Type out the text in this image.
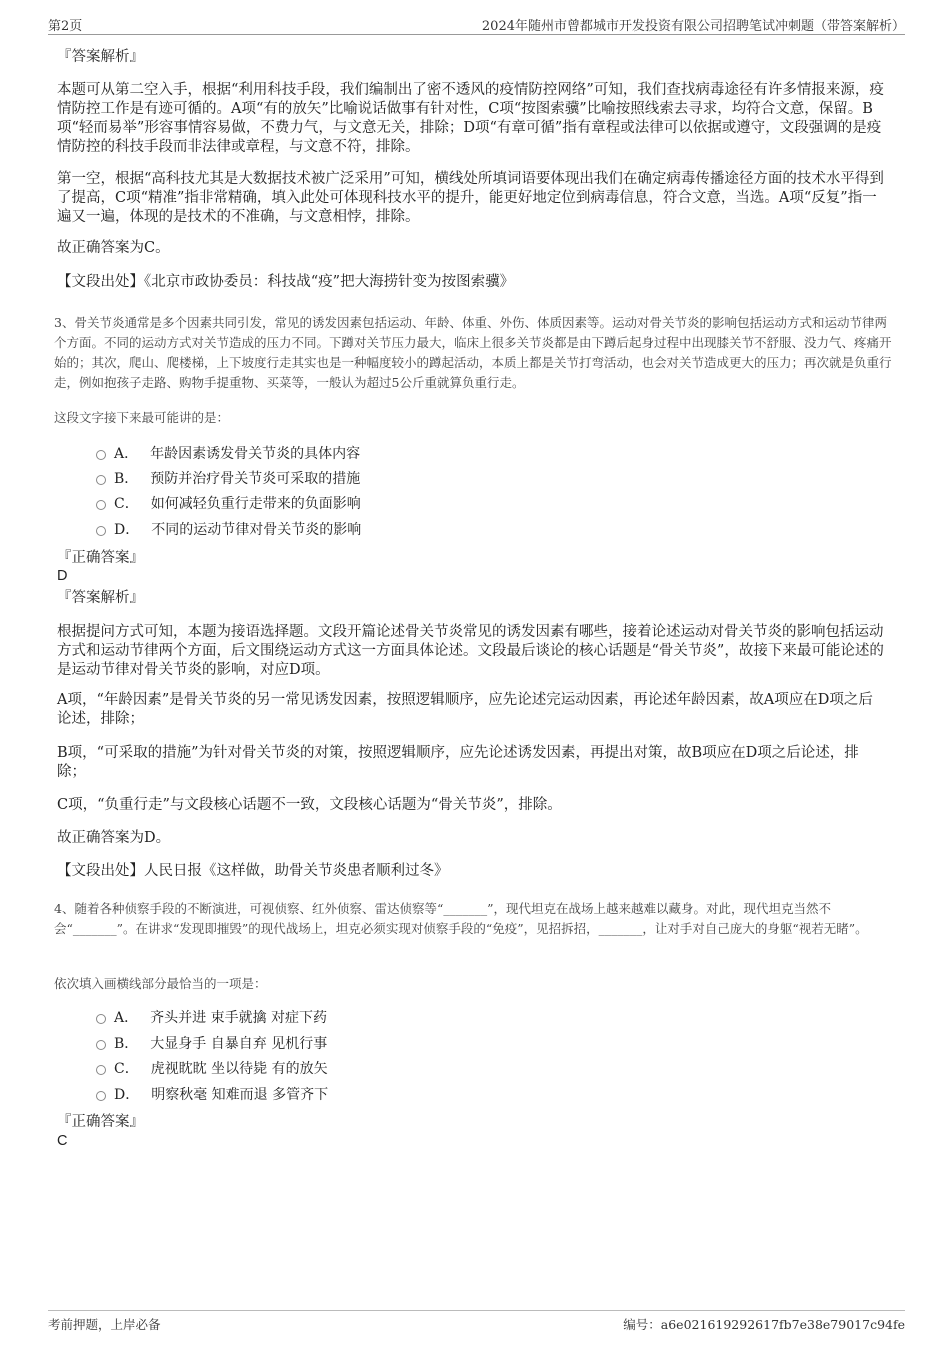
第2页	2024年随州市曾都城市开发投资有限公司招聘笔试冲刺题（带答案解析）
『答案解析』

本题可从第二空入手，根据“利用科技手段，我们编制出了密不透风的疫情防控网络”可知，我们查找病毒途径有许多情报来源，疫情防控工作是有迹可循的。A项“有的放矢”比喻说话做事有针对性，C项“按图索骥”比喻按照线索去寻求，均符合文意，保留。B项“轻而易举”形容事情容易做，不费力气，与文意无关，排除；D项“有章可循”指有章程或法律可以依据或遵守，文段强调的是疫情防控的科技手段而非法律或章程，与文意不符，排除。

第一空，根据“高科技尤其是大数据技术被广泛采用”可知，横线处所填词语要体现出我们在确定病毒传播途径方面的技术水平得到了提高，C项“精准”指非常精确，填入此处可体现科技水平的提升，能更好地定位到病毒信息，符合文意，当选。A项“反复”指一遍又一遍，体现的是技术的不准确，与文意相悖，排除。

故正确答案为C。

【文段出处】《北京市政协委员：科技战“疫”把大海捞针变为按图索骥》

3、骨关节炎通常是多个因素共同引发，常见的诱发因素包括运动、年龄、体重、外伤、体质因素等。运动对骨关节炎的影响包括运动方式和运动节律两个方面。不同的运动方式对关节造成的压力不同。下蹲对关节压力最大，临床上很多关节炎都是由下蹲后起身过程中出现膝关节不舒服、没力气、疼痛开始的；其次，爬山、爬楼梯，上下坡度行走其实也是一种幅度较小的蹲起活动，本质上都是关节打弯活动，也会对关节造成更大的压力；再次就是负重行走，例如抱孩子走路、购物手提重物、买菜等，一般认为超过5公斤重就算负重行走。

这段文字接下来最可能讲的是：
A． 年龄因素诱发骨关节炎的具体内容
B． 预防并治疗骨关节炎可采取的措施
C． 如何减轻负重行走带来的负面影响
D． 不同的运动节律对骨关节炎的影响
『正确答案』
D
『答案解析』

根据提问方式可知，本题为接语选择题。文段开篇论述骨关节炎常见的诱发因素有哪些，接着论述运动对骨关节炎的影响包括运动方式和运动节律两个方面，后文围绕运动方式这一方面具体论述。文段最后谈论的核心话题是“骨关节炎”，故接下来最可能论述的是运动节律对骨关节炎的影响，对应D项。

A项，“年龄因素”是骨关节炎的另一常见诱发因素，按照逻辑顺序，应先论述完运动因素，再论述年龄因素，故A项应在D项之后论述，排除；

B项，“可采取的措施”为针对骨关节炎的对策，按照逻辑顺序，应先论述诱发因素，再提出对策，故B项应在D项之后论述，排除；

C项，“负重行走”与文段核心话题不一致，文段核心话题为“骨关节炎”，排除。

故正确答案为D。

【文段出处】人民日报《这样做，助骨关节炎患者顺利过冬》

4、随着各种侦察手段的不断演进，可视侦察、红外侦察、雷达侦察等“_______”，现代坦克在战场上越来越难以藏身。对此，现代坦克当然不会“_______”。在讲求“发现即摧毁”的现代战场上，坦克必须实现对侦察手段的“免疫”，见招拆招，_______，让对手对自己庞大的身躯“视若无睹”。

依次填入画横线部分最恰当的一项是：
A． 齐头并进 束手就擒 对症下药
B． 大显身手 自暴自弃 见机行事
C． 虎视眈眈 坐以待毙 有的放矢
D． 明察秋毫 知难而退 多管齐下
『正确答案』
C
考前押题，上岸必备	编号：a6e021619292617fb7e38e79017c94fe
